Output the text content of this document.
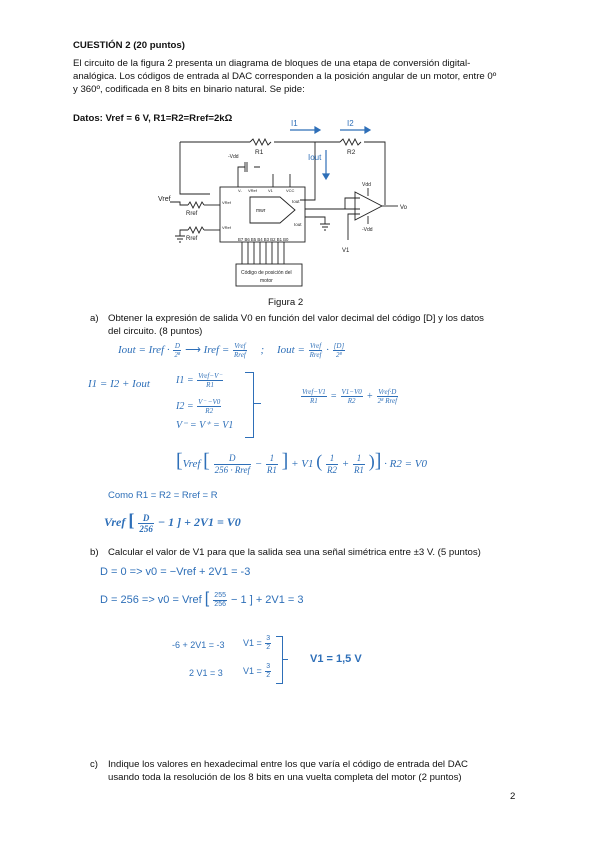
CUESTIÓN 2 (20 puntos)
El circuito de la figura 2 presenta un diagrama de bloques de una etapa de conversión digital-
analógica. Los códigos de entrada al DAC corresponden a la posición angular de un motor, entre 0º
y 360º, codificada en 8 bits en binario natural. Se pide:
Datos: Vref = 6 V, R1=R2=Rref=2kΩ	I1	I2
Iout
R1	R2
-Vdd
Vref
Rref
Rref
V- VRef	V1	VCC
VRef
VRef
Iout
Iout
mwr
B7 B6 B5 B4 B3 B2 B1 B0
Vdd
-Vdd
V1
Vo
Código de posición del
motor
Figura 2
a) Obtener la expresión de salida V0 en función del valor decimal del código [D] y los datos
del circuito. (8 puntos)
Iout = Iref · $\frac{D}{\text{2⁸}}$ ⟶ Iref = $\frac{\text{Vref}}{\text{Rref}}$ ; Iout = $\frac{\text{Vref}}{\text{Rref}} \cdot \frac{[D]}{\text{2⁸}}$
I1 = I2 + Iout	$I1 = \frac{\text{Vref−V⁻}}{R1}$
$I2 = \frac{V^- -V0}{R2}$
V⁻ = V⁺ = V1
$\frac{\text{Vref−V1}}{R1} = \frac{V1-V0}{R2} + \frac{\text{Vref·D}}{\text{2⁸ Rref}}$
[Vref [ $\frac{D}{\text{256 · Rref}} - \frac{1}{R1}$ ] + V1 ( $\frac{1}{R2} + \frac{1}{R1}$ )] · R2 = V0
Como R1 = R2 = Rref = R
Vref [ $\frac{D}{256} - 1$ ] + 2V1 = V0
b) Calcular el valor de V1 para que la salida sea una señal simétrica entre ±3 V. (5 puntos)
D = 0 => v0 = −Vref + 2V1 = -3
D = 256 => v0 = Vref [ $\frac{255}{256} - 1$ ] + 2V1 = 3
-6 + 2V1 = -3 $V1 = \frac{3}{2}$
2 V1 = 3 $V1 = \frac{3}{2}$
V1 = 1,5 V
c) Indique los valores en hexadecimal entre los que varía el código de entrada del DAC
usando toda la resolución de los 8 bits en una vuelta completa del motor (2 puntos)
2
